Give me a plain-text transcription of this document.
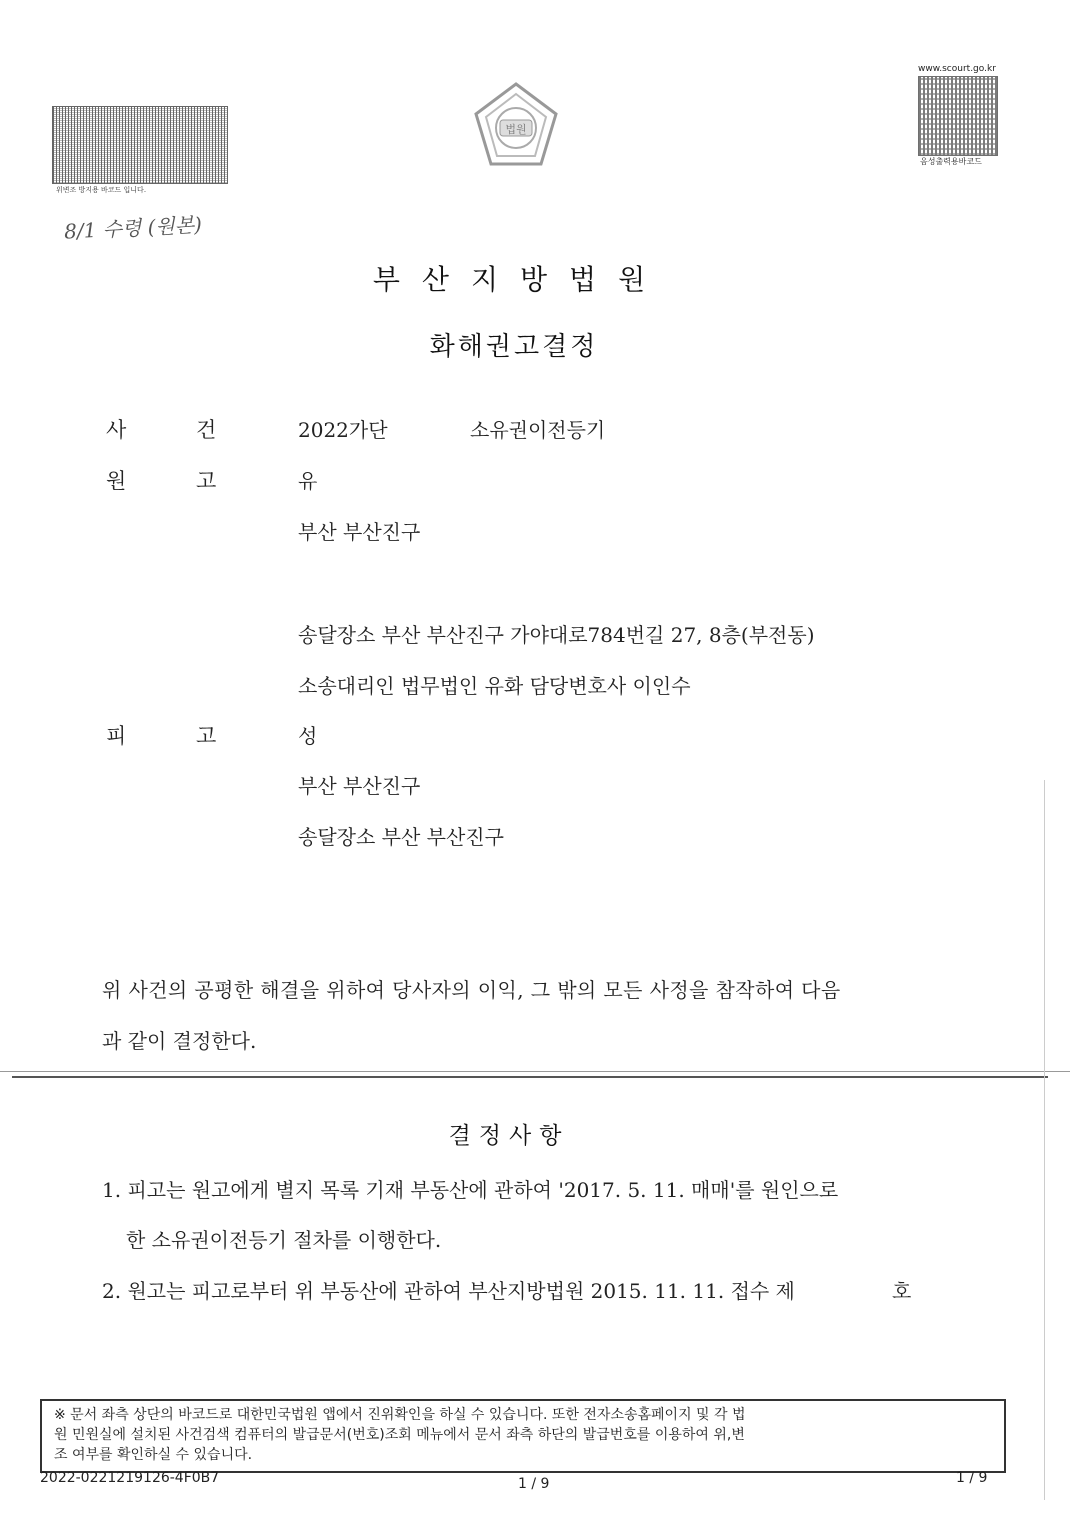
위변조 방지용 바코드 입니다.
8/1 수령 (원본)
법원
www.scourt.go.kr
음성출력용바코드
부산지방법원
화해권고결정
사	건	2022가단	소유권이전등기
원	고	유
부산 부산진구
송달장소 부산 부산진구 가야대로784번길 27, 8층(부전동)
소송대리인 법무법인 유화 담당변호사 이인수
피	고	성
부산 부산진구
송달장소 부산 부산진구
위 사건의 공평한 해결을 위하여 당사자의 이익, 그 밖의 모든 사정을 참작하여 다음
과 같이 결정한다.
결정사항
1. 피고는 원고에게 별지 목록 기재 부동산에 관하여 '2017. 5. 11. 매매'를 원인으로
한 소유권이전등기 절차를 이행한다.
2. 원고는 피고로부터 위 부동산에 관하여 부산지방법원 2015. 11. 11. 접수 제	호
※ 문서 좌측 상단의 바코드로 대한민국법원 앱에서 진위확인을 하실 수 있습니다. 또한 전자소송홈페이지 및 각 법
원 민원실에 설치된 사건검색 컴퓨터의 발급문서(번호)조회 메뉴에서 문서 좌측 하단의 발급번호를 이용하여 위,변
조 여부를 확인하실 수 있습니다.
2022-0221219126-4F0B7	1 / 9	1 / 9
